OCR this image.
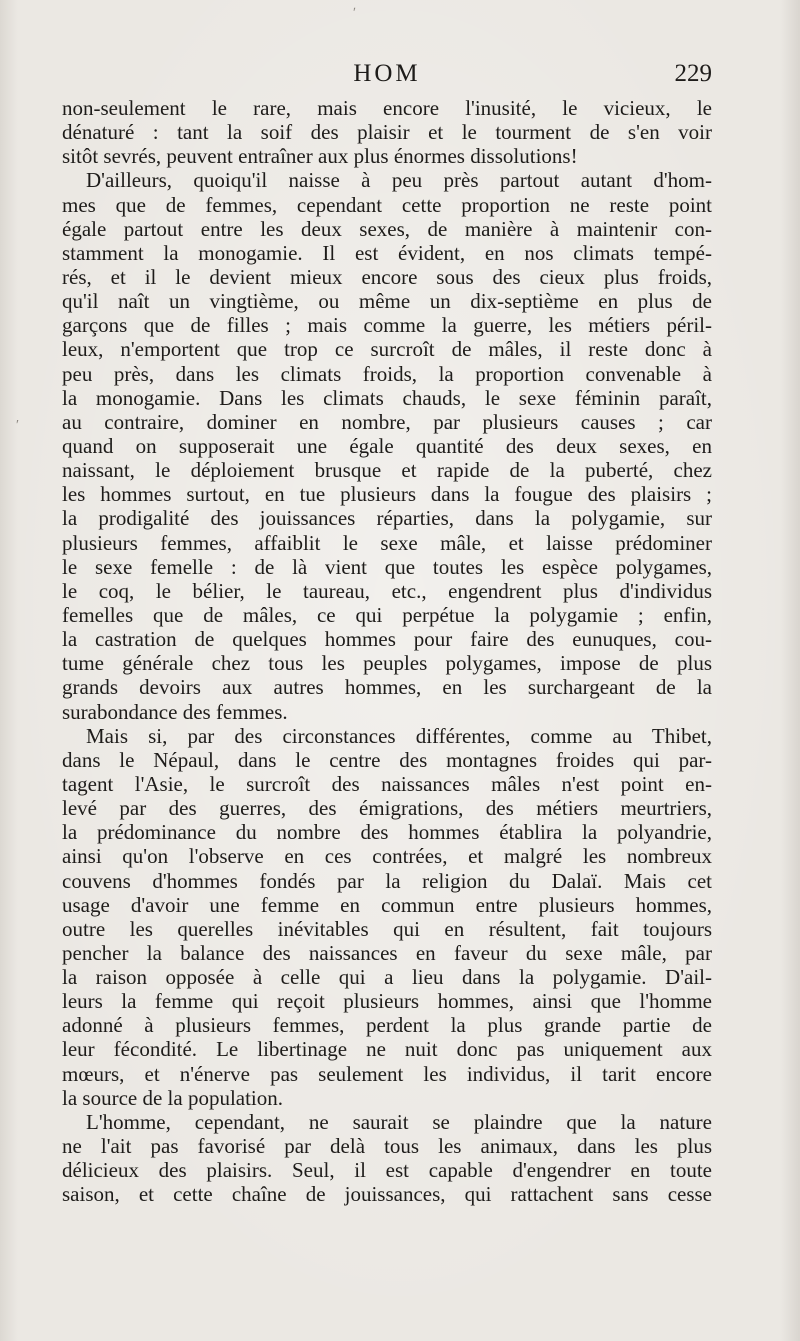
HOM	229
non-seulement le rare, mais encore l'inusité, le vicieux, le
dénaturé : tant la soif des plaisir et le tourment de s'en voir
sitôt sevrés, peuvent entraîner aux plus énormes dissolutions!
D'ailleurs, quoiqu'il naisse à peu près partout autant d'hom-
mes que de femmes, cependant cette proportion ne reste point
égale partout entre les deux sexes, de manière à maintenir con-
stamment la monogamie. Il est évident, en nos climats tempé-
rés, et il le devient mieux encore sous des cieux plus froids,
qu'il naît un vingtième, ou même un dix-septième en plus de
garçons que de filles ; mais comme la guerre, les métiers péril-
leux, n'emportent que trop ce surcroît de mâles, il reste donc à
peu près, dans les climats froids, la proportion convenable à
la monogamie. Dans les climats chauds, le sexe féminin paraît,
au contraire, dominer en nombre, par plusieurs causes ; car
quand on supposerait une égale quantité des deux sexes, en
naissant, le déploiement brusque et rapide de la puberté, chez
les hommes surtout, en tue plusieurs dans la fougue des plaisirs ;
la prodigalité des jouissances réparties, dans la polygamie, sur
plusieurs femmes, affaiblit le sexe mâle, et laisse prédominer
le sexe femelle : de là vient que toutes les espèce polygames,
le coq, le bélier, le taureau, etc., engendrent plus d'individus
femelles que de mâles, ce qui perpétue la polygamie ; enfin,
la castration de quelques hommes pour faire des eunuques, cou-
tume générale chez tous les peuples polygames, impose de plus
grands devoirs aux autres hommes, en les surchargeant de la
surabondance des femmes.
Mais si, par des circonstances différentes, comme au Thibet,
dans le Népaul, dans le centre des montagnes froides qui par-
tagent l'Asie, le surcroît des naissances mâles n'est point en-
levé par des guerres, des émigrations, des métiers meurtriers,
la prédominance du nombre des hommes établira la polyandrie,
ainsi qu'on l'observe en ces contrées, et malgré les nombreux
couvens d'hommes fondés par la religion du Dalaï. Mais cet
usage d'avoir une femme en commun entre plusieurs hommes,
outre les querelles inévitables qui en résultent, fait toujours
pencher la balance des naissances en faveur du sexe mâle, par
la raison opposée à celle qui a lieu dans la polygamie. D'ail-
leurs la femme qui reçoit plusieurs hommes, ainsi que l'homme
adonné à plusieurs femmes, perdent la plus grande partie de
leur fécondité. Le libertinage ne nuit donc pas uniquement aux
mœurs, et n'énerve pas seulement les individus, il tarit encore
la source de la population.
L'homme, cependant, ne saurait se plaindre que la nature
ne l'ait pas favorisé par delà tous les animaux, dans les plus
délicieux des plaisirs. Seul, il est capable d'engendrer en toute
saison, et cette chaîne de jouissances, qui rattachent sans cesse
′
ʹ
